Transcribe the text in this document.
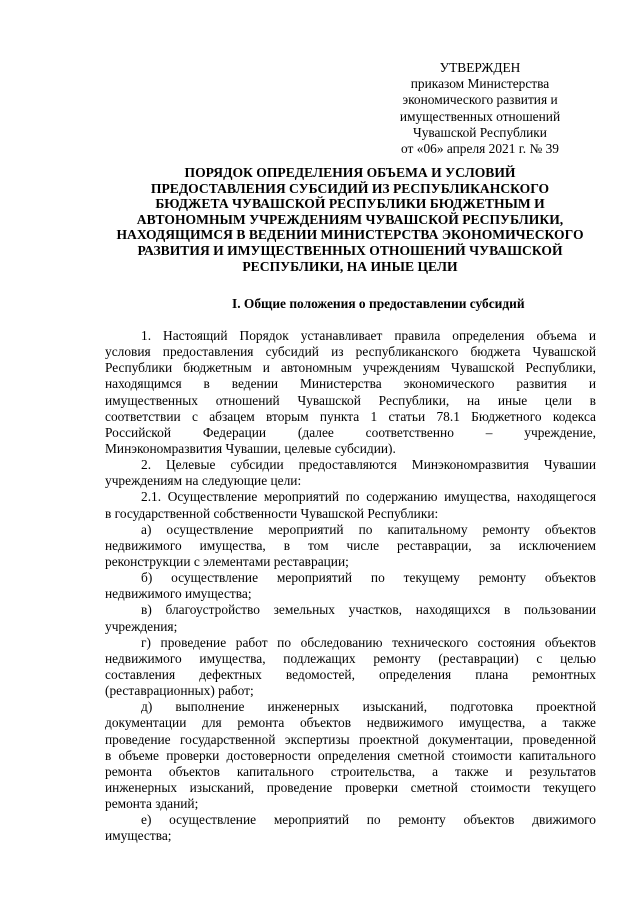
УТВЕРЖДЕН
приказом Министерства
экономического развития и
имущественных отношений
Чувашской Республики
от «06» апреля 2021 г. № 39
ПОРЯДОК ОПРЕДЕЛЕНИЯ ОБЪЕМА И УСЛОВИЙ
ПРЕДОСТАВЛЕНИЯ СУБСИДИЙ ИЗ РЕСПУБЛИКАНСКОГО
БЮДЖЕТА ЧУВАШСКОЙ РЕСПУБЛИКИ БЮДЖЕТНЫМ И
АВТОНОМНЫМ УЧРЕЖДЕНИЯМ ЧУВАШСКОЙ РЕСПУБЛИКИ,
НАХОДЯЩИМСЯ В ВЕДЕНИИ МИНИСТЕРСТВА ЭКОНОМИЧЕСКОГО
РАЗВИТИЯ И ИМУЩЕСТВЕННЫХ ОТНОШЕНИЙ ЧУВАШСКОЙ
РЕСПУБЛИКИ, НА ИНЫЕ ЦЕЛИ
I. Общие положения о предоставлении субсидий
1. Настоящий Порядок устанавливает правила определения объема и
условия предоставления субсидий из республиканского бюджета Чувашской
Республики бюджетным и автономным учреждениям Чувашской Республики,
находящимся в ведении Министерства экономического развития и
имущественных отношений Чувашской Республики, на иные цели в
соответствии с абзацем вторым пункта 1 статьи 78.1 Бюджетного кодекса
Российской Федерации (далее соответственно – учреждение,
Минэкономразвития Чувашии, целевые субсидии).
2. Целевые субсидии предоставляются Минэкономразвития Чувашии
учреждениям на следующие цели:
2.1. Осуществление мероприятий по содержанию имущества, находящегося
в государственной собственности Чувашской Республики:
а) осуществление мероприятий по капитальному ремонту объектов
недвижимого имущества, в том числе реставрации, за исключением
реконструкции с элементами реставрации;
б) осуществление мероприятий по текущему ремонту объектов
недвижимого имущества;
в) благоустройство земельных участков, находящихся в пользовании
учреждения;
г) проведение работ по обследованию технического состояния объектов
недвижимого имущества, подлежащих ремонту (реставрации) с целью
составления дефектных ведомостей, определения плана ремонтных
(реставрационных) работ;
д) выполнение инженерных изысканий, подготовка проектной
документации для ремонта объектов недвижимого имущества, а также
проведение государственной экспертизы проектной документации, проведенной
в объеме проверки достоверности определения сметной стоимости капитального
ремонта объектов капитального строительства, а также и результатов
инженерных изысканий, проведение проверки сметной стоимости текущего
ремонта зданий;
е) осуществление мероприятий по ремонту объектов движимого
имущества;
